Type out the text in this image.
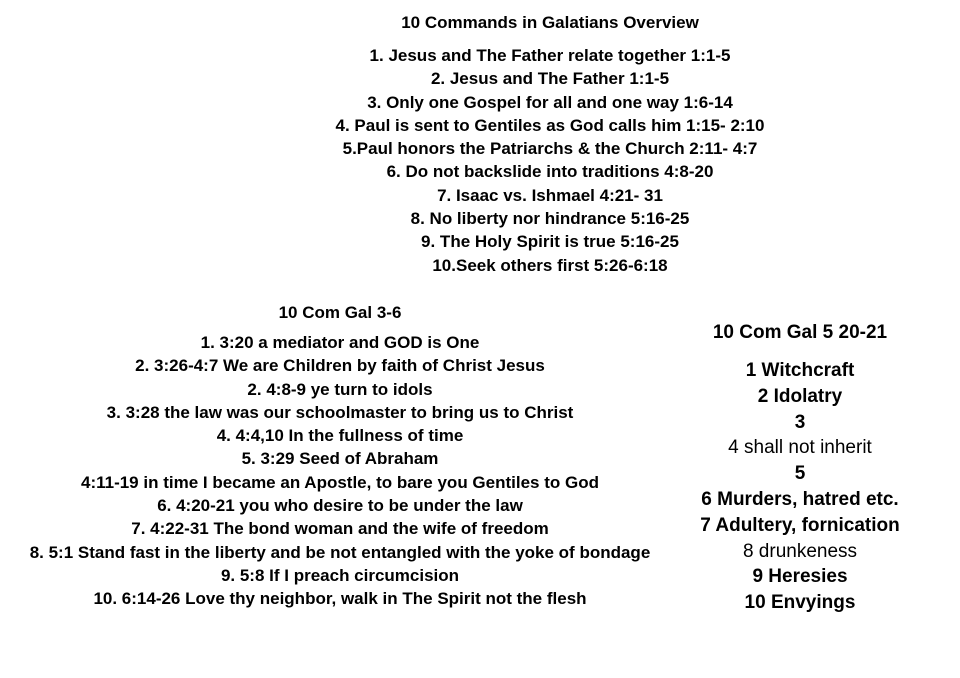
10 Commands in Galatians Overview
1. Jesus and The Father relate together 1:1-5
2. Jesus and The Father 1:1-5
3. Only one Gospel for all and one way 1:6-14
4. Paul is sent to Gentiles as God calls him 1:15- 2:10
5.Paul honors the Patriarchs & the Church 2:11- 4:7
6. Do not backslide into traditions 4:8-20
7. Isaac vs. Ishmael 4:21- 31
8. No liberty nor hindrance 5:16-25
9. The Holy Spirit is true 5:16-25
10.Seek others first 5:26-6:18
10 Com Gal 3-6
1. 3:20 a mediator and GOD is One
2. 3:26-4:7 We are Children by faith of Christ Jesus
2. 4:8-9 ye turn to idols
3. 3:28 the law was our schoolmaster to bring us to Christ
4. 4:4,10 In the fullness of time
5. 3:29 Seed of Abraham
4:11-19 in time I became an Apostle, to bare you Gentiles to God
6. 4:20-21 you who desire to be under the law
7. 4:22-31 The bond woman and the wife of freedom
8. 5:1 Stand fast in the liberty and be not entangled with the yoke of bondage
9. 5:8 If I preach circumcision
10. 6:14-26 Love thy neighbor, walk in The Spirit not the flesh
10 Com Gal 5 20-21
1 Witchcraft
2 Idolatry
3
4 shall not inherit
5
6 Murders, hatred etc.
7 Adultery, fornication
8 drunkeness
9 Heresies
10 Envyings
